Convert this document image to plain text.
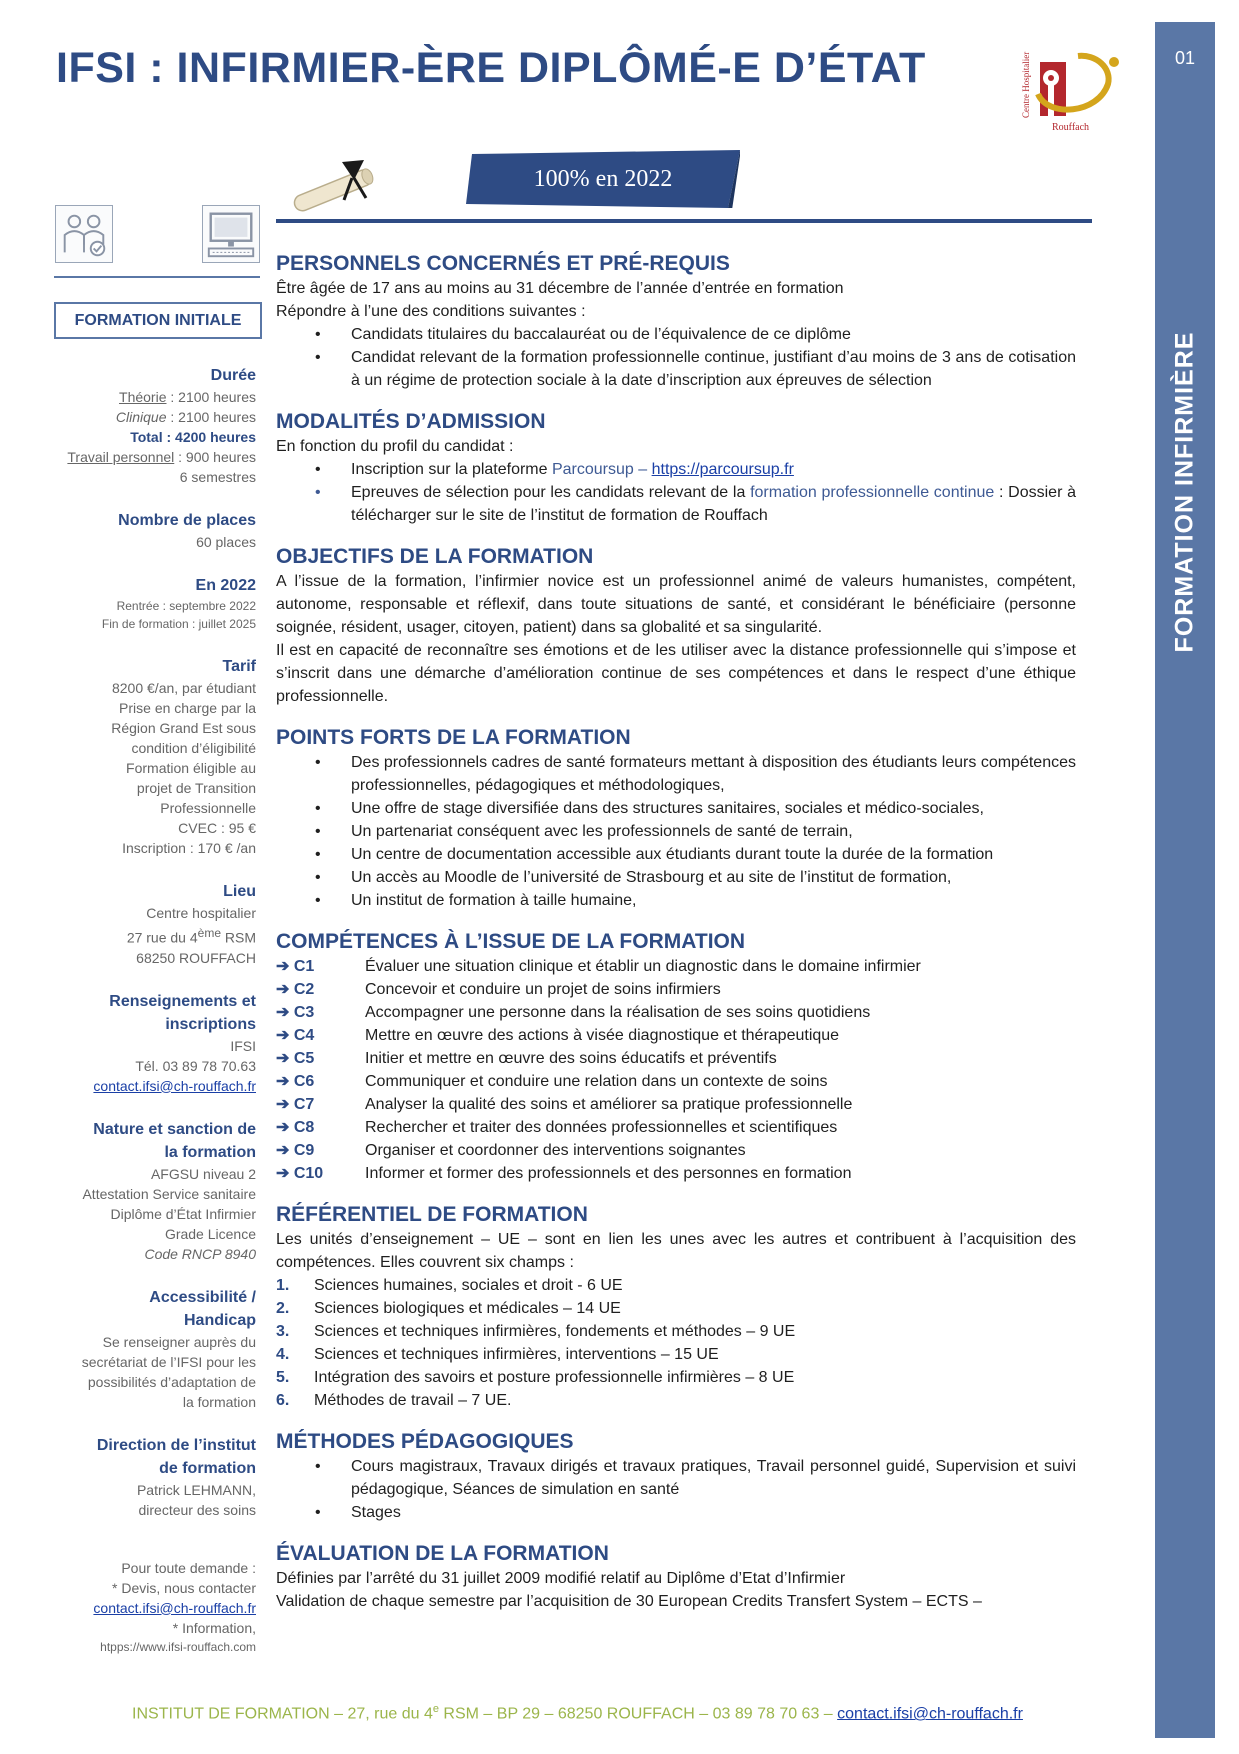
IFSI : INFIRMIER-ÈRE DIPLÔMÉ-E D’ÉTAT	Centre Hospitalier
Rouffach
01
FORMATION INFIRMIÈRE
100% en 2022
FORMATION INITIALE
Durée
Théorie : 2100 heures
Clinique : 2100 heures
Total : 4200 heures
Travail personnel : 900 heures
6 semestres
Nombre de places
60 places
En 2022
Rentrée : septembre 2022
Fin de formation : juillet 2025
Tarif
8200 €/an, par étudiant
Prise en charge par la
Région Grand Est sous
condition d’éligibilité
Formation éligible au
projet de Transition
Professionnelle
CVEC : 95 €
Inscription : 170 € /an
Lieu
Centre hospitalier
27 rue du 4ème RSM
68250 ROUFFACH
Renseignements et
inscriptions
IFSI
Tél. 03 89 78 70.63
contact.ifsi@ch-rouffach.fr
Nature et sanction de
la formation
AFGSU niveau 2
Attestation Service sanitaire
Diplôme d’État Infirmier
Grade Licence
Code RNCP 8940
Accessibilité /
Handicap
Se renseigner auprès du
secrétariat de l’IFSI pour les
possibilités d’adaptation de
la formation
Direction de l’institut
de formation
Patrick LEHMANN,
directeur des soins
Pour toute demande :
* Devis, nous contacter
contact.ifsi@ch-rouffach.fr
* Information,
htpps://www.ifsi-rouffach.com
PERSONNELS CONCERNÉS ET PRÉ-REQUIS
Être âgée de 17 ans au moins au 31 décembre de l’année d’entrée en formation
Répondre à l’une des conditions suivantes :
• Candidats titulaires du baccalauréat ou de l’équivalence de ce diplôme
• Candidat relevant de la formation professionnelle continue, justifiant d’au moins de 3 ans de cotisation à un régime de protection sociale à la date d’inscription aux épreuves de sélection
MODALITÉS D’ADMISSION
En fonction du profil du candidat :
• Inscription sur la plateforme Parcoursup – https://parcoursup.fr
• Epreuves de sélection pour les candidats relevant de la formation professionnelle continue : Dossier à télécharger sur le site de l’institut de formation de Rouffach
OBJECTIFS DE LA FORMATION
A l’issue de la formation, l’infirmier novice est un professionnel animé de valeurs humanistes, compétent, autonome, responsable et réflexif, dans toute situations de santé, et considérant le bénéficiaire (personne soignée, résident, usager, citoyen, patient) dans sa globalité et sa singularité.
Il est en capacité de reconnaître ses émotions et de les utiliser avec la distance professionnelle qui s’impose et s’inscrit dans une démarche d’amélioration continue de ses compétences et dans le respect d’une éthique professionnelle.
POINTS FORTS DE LA FORMATION
• Des professionnels cadres de santé formateurs mettant à disposition des étudiants leurs compétences professionnelles, pédagogiques et méthodologiques,
• Une offre de stage diversifiée dans des structures sanitaires, sociales et médico-sociales,
• Un partenariat conséquent avec les professionnels de santé de terrain,
• Un centre de documentation accessible aux étudiants durant toute la durée de la formation
• Un accès au Moodle de l’université de Strasbourg et au site de l’institut de formation,
• Un institut de formation à taille humaine,
COMPÉTENCES À L’ISSUE DE LA FORMATION
➔ C1	Évaluer une situation clinique et établir un diagnostic dans le domaine infirmier
➔ C2	Concevoir et conduire un projet de soins infirmiers
➔ C3	Accompagner une personne dans la réalisation de ses soins quotidiens
➔ C4	Mettre en œuvre des actions à visée diagnostique et thérapeutique
➔ C5	Initier et mettre en œuvre des soins éducatifs et préventifs
➔ C6	Communiquer et conduire une relation dans un contexte de soins
➔ C7	Analyser la qualité des soins et améliorer sa pratique professionnelle
➔ C8	Rechercher et traiter des données professionnelles et scientifiques
➔ C9	Organiser et coordonner des interventions soignantes
➔ C10	Informer et former des professionnels et des personnes en formation
RÉFÉRENTIEL DE FORMATION
Les unités d’enseignement – UE – sont en lien les unes avec les autres et contribuent à l’acquisition des compétences. Elles couvrent six champs :
1.	Sciences humaines, sociales et droit - 6 UE
2.	Sciences biologiques et médicales – 14 UE
3.	Sciences et techniques infirmières, fondements et méthodes – 9 UE
4.	Sciences et techniques infirmières, interventions – 15 UE
5.	Intégration des savoirs et posture professionnelle infirmières – 8 UE
6.	Méthodes de travail – 7 UE.
MÉTHODES PÉDAGOGIQUES
• Cours magistraux, Travaux dirigés et travaux pratiques, Travail personnel guidé, Supervision et suivi pédagogique, Séances de simulation en santé
• Stages
ÉVALUATION DE LA FORMATION
Définies par l’arrêté du 31 juillet 2009 modifié relatif au Diplôme d’Etat d’Infirmier
Validation de chaque semestre par l’acquisition de 30 European Credits Transfert System – ECTS –
INSTITUT DE FORMATION – 27, rue du 4e RSM – BP 29 – 68250 ROUFFACH – 03 89 78 70 63 – contact.ifsi@ch-rouffach.fr
